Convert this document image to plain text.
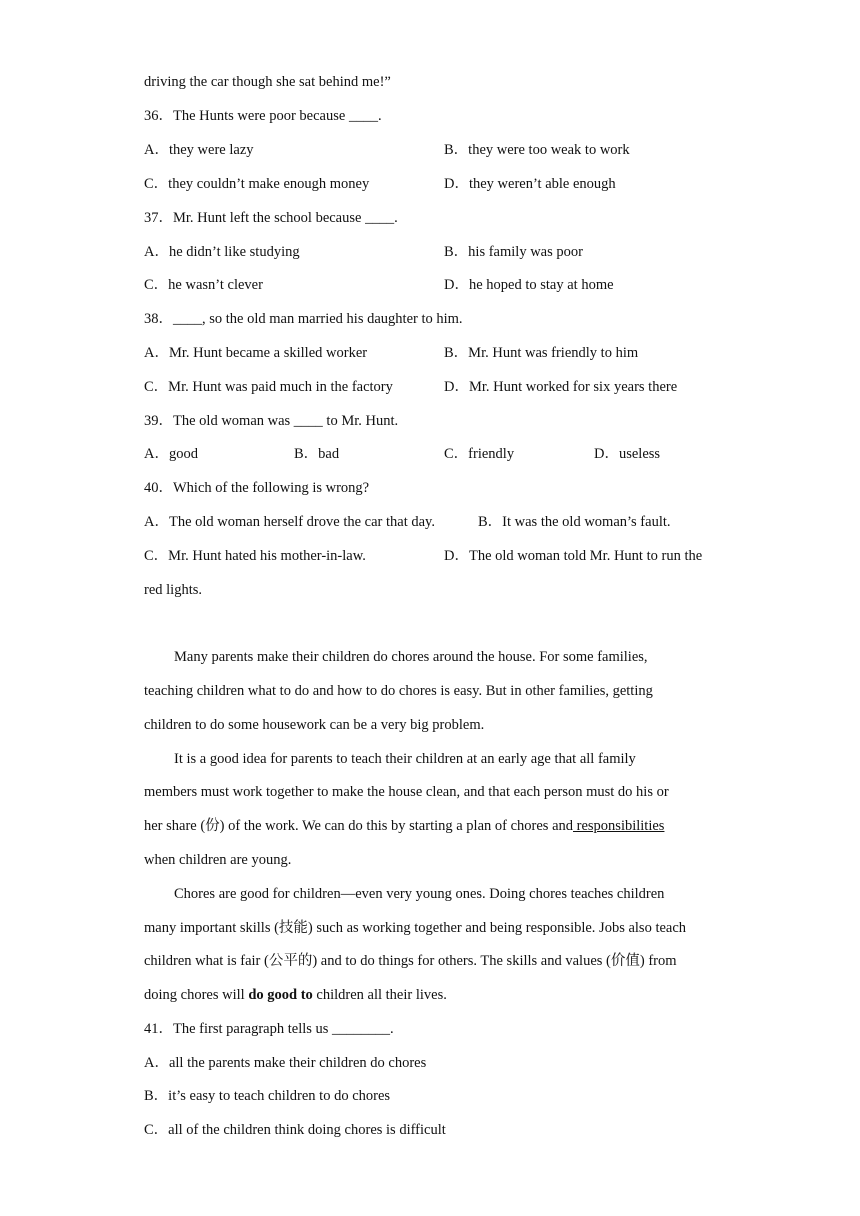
driving the car though she sat behind me!”
36．The Hunts were poor because ____.
A．they were lazy	B．they were too weak to work
C．they couldn’t make enough money	D．they weren’t able enough
37．Mr. Hunt left the school because ____.
A．he didn’t like studying	B．his family was poor
C．he wasn’t clever	D．he hoped to stay at home
38．____, so the old man married his daughter to him.
A．Mr. Hunt became a skilled worker	B．Mr. Hunt was friendly to him
C．Mr. Hunt was paid much in the factory	D．Mr. Hunt worked for six years there
39．The old woman was ____ to Mr. Hunt.
A．good	B．bad	C．friendly	D．useless
40．Which of the following is wrong?
A．The old woman herself drove the car that day.	B．It was the old woman’s fault.
C．Mr. Hunt hated his mother-in-law.	D．The old woman told Mr. Hunt to run the
red lights.
Many parents make their children do chores around the house. For some families,
teaching children what to do and how to do chores is easy. But in other families, getting
children to do some housework can be a very big problem.
It is a good idea for parents to teach their children at an early age that all family
members must work together to make the house clean, and that each person must do his or
her share (份) of the work. We can do this by starting a plan of chores and responsibilities
when children are young.
Chores are good for children—even very young ones. Doing chores teaches children
many important skills (技能) such as working together and being responsible. Jobs also teach
children what is fair (公平的) and to do things for others. The skills and values (价值) from
doing chores will do good to children all their lives.
41．The first paragraph tells us ________.
A．all the parents make their children do chores
B．it’s easy to teach children to do chores
C．all of the children think doing chores is difficult
